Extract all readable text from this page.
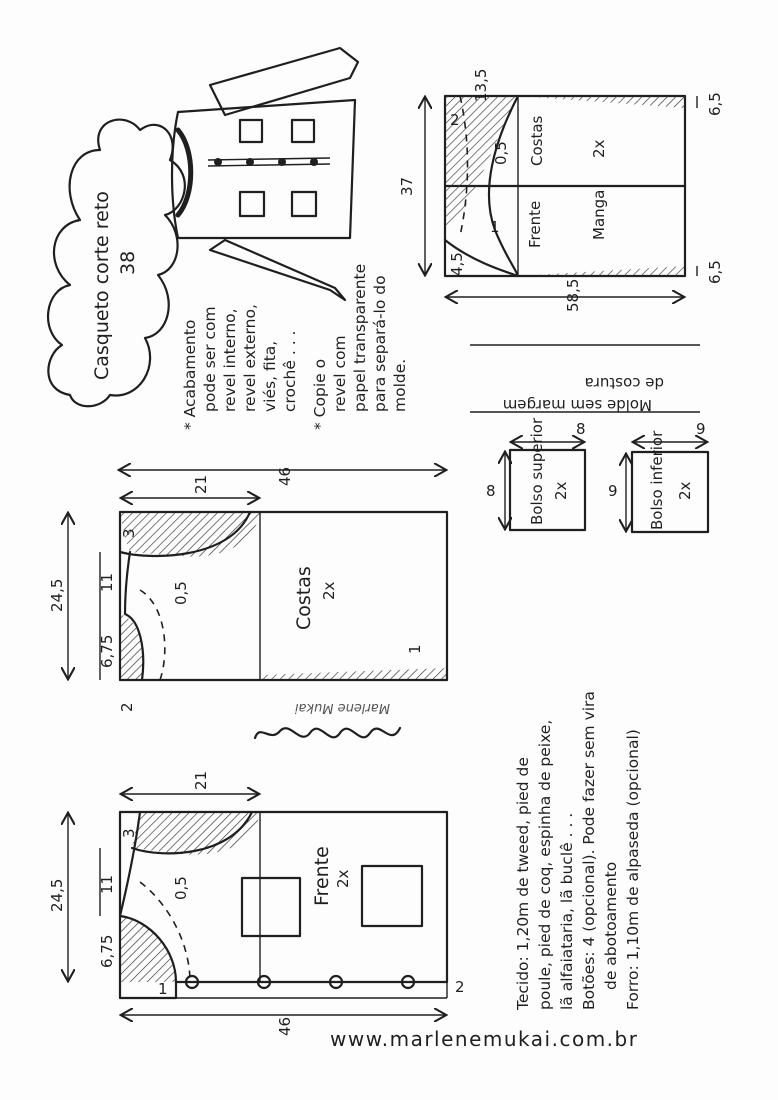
Casqueto corte reto 38
* Acabamento pode ser com revel interno, revel externo, viés, fita, crochê . . . * Copie o revel com papel transparente para separá-lo do molde.
37
58,5
13,5
4,5
6,5
6,5
2
1
0,5 Costas
Frente	Manga
2x
Molde sem margem
de costura
Bolso superior 2x
8
8
Bolso inferior 2x
9
9
46
21
24,5
3
11
6,75
2
1
0,5	Costas 2x
Marlene Mukai
46
21
24,5
3
11
6,75
2
1
0,5	Frente 2x	Tecido: 1,20m de tweed, pied de poule, pied de coq, espinha de peixe, lã alfaiataria, lã buclê . . . Botões: 4 (opcional). Pode fazer sem vira de abotoamento Forro: 1,10m de alpaseda (opcional)
www.marlenemukai.com.br
